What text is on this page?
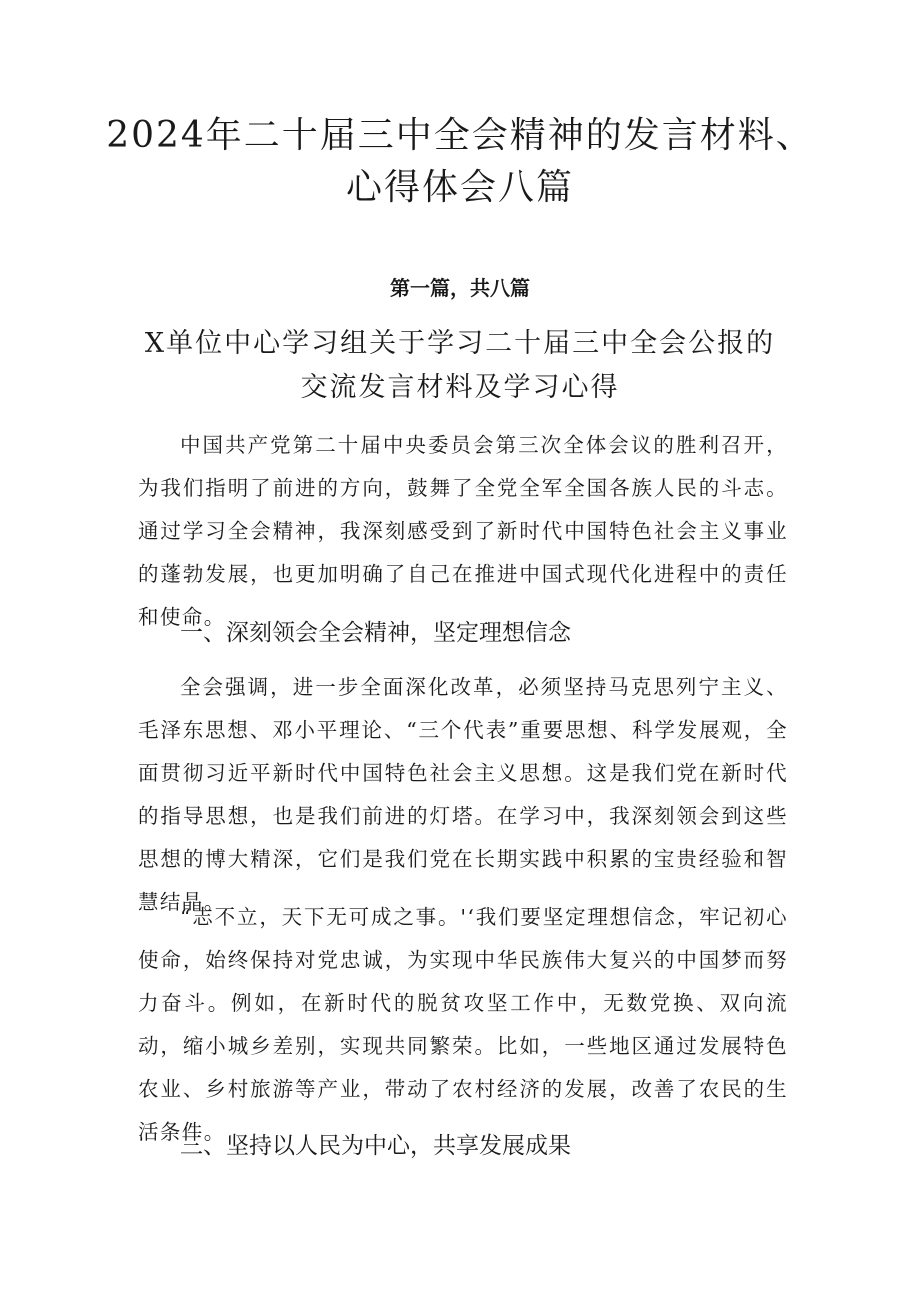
2024年二十届三中全会精神的发言材料、
心得体会八篇
第一篇，共八篇
X单位中心学习组关于学习二十届三中全会公报的
交流发言材料及学习心得

中国共产党第二十届中央委员会第三次全体会议的胜利召开，为我们指明了前进的方向，鼓舞了全党全军全国各族人民的斗志。通过学习全会精神，我深刻感受到了新时代中国特色社会主义事业的蓬勃发展，也更加明确了自己在推进中国式现代化进程中的责任和使命。

一、深刻领会全会精神，坚定理想信念

全会强调，进一步全面深化改革，必须坚持马克思列宁主义、毛泽东思想、邓小平理论、“三个代表”重要思想、科学发展观，全面贯彻习近平新时代中国特色社会主义思想。这是我们党在新时代的指导思想，也是我们前进的灯塔。在学习中，我深刻领会到这些思想的博大精深，它们是我们党在长期实践中积累的宝贵经验和智慧结晶。

“志不立，天下无可成之事。'‘我们要坚定理想信念，牢记初心使命，始终保持对党忠诚，为实现中华民族伟大复兴的中国梦而努力奋斗。例如，在新时代的脱贫攻坚工作中，无数党换、双向流动，缩小城乡差别，实现共同繁荣。比如，一些地区通过发展特色农业、乡村旅游等产业，带动了农村经济的发展，改善了农民的生活条件。

三、坚持以人民为中心，共享发展成果
